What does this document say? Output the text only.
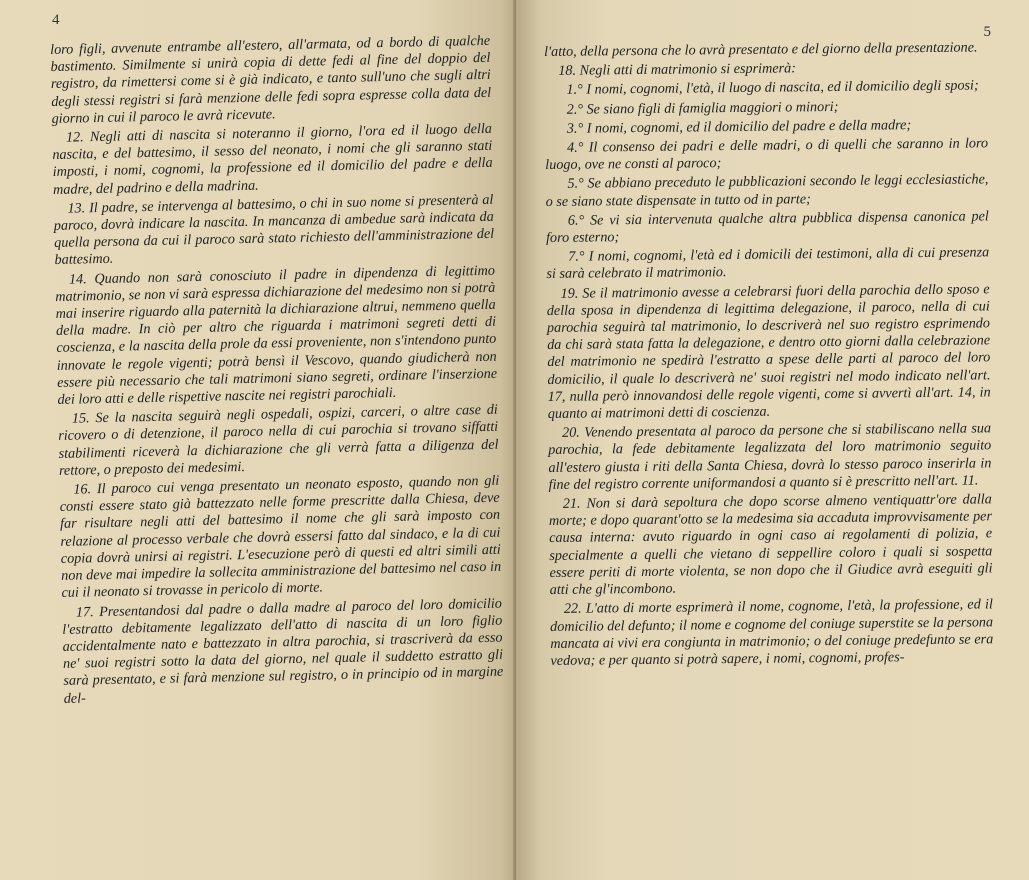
4

loro figli, avvenute entrambe all'estero, all'armata, od a bordo di qualche bastimento. Similmente si unirà copia di dette fedi al fine del doppio del registro, da rimettersi come si è già indicato, e tanto sull'uno che sugli altri degli stessi registri si farà menzione delle fedi sopra espresse colla data del giorno in cui il paroco le avrà ricevute.

12. Negli atti di nascita si noteranno il giorno, l'ora ed il luogo della nascita, e del battesimo, il sesso del neonato, i nomi che gli saranno stati imposti, i nomi, cognomi, la professione ed il domicilio del padre e della madre, del padrino e della madrina.

13. Il padre, se intervenga al battesimo, o chi in suo nome si presenterà al paroco, dovrà indicare la nascita. In mancanza di ambedue sarà indicata da quella persona da cui il paroco sarà stato richiesto dell'amministrazione del battesimo.

14. Quando non sarà conosciuto il padre in dipendenza di legittimo matrimonio, se non vi sarà espressa dichiarazione del medesimo non si potrà mai inserire riguardo alla paternità la dichiarazione altrui, nemmeno quella della madre. In ciò per altro che riguarda i matrimoni segreti detti di coscienza, e la nascita della prole da essi proveniente, non s'intendono punto innovate le regole vigenti; potrà bensì il Vescovo, quando giudicherà non essere più necessario che tali matrimoni siano segreti, ordinare l'inserzione dei loro atti e delle rispettive nascite nei registri parochiali.

15. Se la nascita seguirà negli ospedali, ospizi, carceri, o altre case di ricovero o di detenzione, il paroco nella di cui parochia si trovano siffatti stabilimenti riceverà la dichiarazione che gli verrà fatta a diligenza del rettore, o preposto dei medesimi.

16. Il paroco cui venga presentato un neonato esposto, quando non gli consti essere stato già battezzato nelle forme prescritte dalla Chiesa, deve far risultare negli atti del battesimo il nome che gli sarà imposto con relazione al processo verbale che dovrà essersi fatto dal sindaco, e la di cui copia dovrà unirsi ai registri. L'esecuzione però di questi ed altri simili atti non deve mai impedire la sollecita amministrazione del battesimo nel caso in cui il neonato si trovasse in pericolo di morte.

17. Presentandosi dal padre o dalla madre al paroco del loro domicilio l'estratto debitamente legalizzato dell'atto di nascita di un loro figlio accidentalmente nato e battezzato in altra parochia, si trascriverà da esso ne' suoi registri sotto la data del giorno, nel quale il suddetto estratto gli sarà presentato, e si farà menzione sul registro, o in principio od in margine del-

5

l'atto, della persona che lo avrà presentato e del giorno della presentazione.

18. Negli atti di matrimonio si esprimerà:

1.° I nomi, cognomi, l'età, il luogo di nascita, ed il domicilio degli sposi;

2.° Se siano figli di famiglia maggiori o minori;

3.° I nomi, cognomi, ed il domicilio del padre e della madre;

4.° Il consenso dei padri e delle madri, o di quelli che saranno in loro luogo, ove ne consti al paroco;

5.° Se abbiano preceduto le pubblicazioni secondo le leggi ecclesiastiche, o se siano state dispensate in tutto od in parte;

6.° Se vi sia intervenuta qualche altra pubblica dispensa canonica pel foro esterno;

7.° I nomi, cognomi, l'età ed i domicili dei testimoni, alla di cui presenza si sarà celebrato il matrimonio.

19. Se il matrimonio avesse a celebrarsi fuori della parochia dello sposo e della sposa in dipendenza di legittima delegazione, il paroco, nella di cui parochia seguirà tal matrimonio, lo descriverà nel suo registro esprimendo da chi sarà stata fatta la delegazione, e dentro otto giorni dalla celebrazione del matrimonio ne spedirà l'estratto a spese delle parti al paroco del loro domicilio, il quale lo descriverà ne' suoi registri nel modo indicato nell'art. 17, nulla però innovandosi delle regole vigenti, come si avvertì all'art. 14, in quanto ai matrimoni detti di coscienza.

20. Venendo presentata al paroco da persone che si stabiliscano nella sua parochia, la fede debitamente legalizzata del loro matrimonio seguito all'estero giusta i riti della Santa Chiesa, dovrà lo stesso paroco inserirla in fine del registro corrente uniformandosi a quanto si è prescritto nell'art. 11.

21. Non si darà sepoltura che dopo scorse almeno ventiquattr'ore dalla morte; e dopo quarant'otto se la medesima sia accaduta improvvisamente per causa interna: avuto riguardo in ogni caso ai regolamenti di polizia, e specialmente a quelli che vietano di seppellire coloro i quali si sospetta essere periti di morte violenta, se non dopo che il Giudice avrà eseguiti gli atti che gl'incombono.

22. L'atto di morte esprimerà il nome, cognome, l'età, la professione, ed il domicilio del defunto; il nome e cognome del coniuge superstite se la persona mancata ai vivi era congiunta in matrimonio; o del coniuge predefunto se era vedova; e per quanto si potrà sapere, i nomi, cognomi, profes-
